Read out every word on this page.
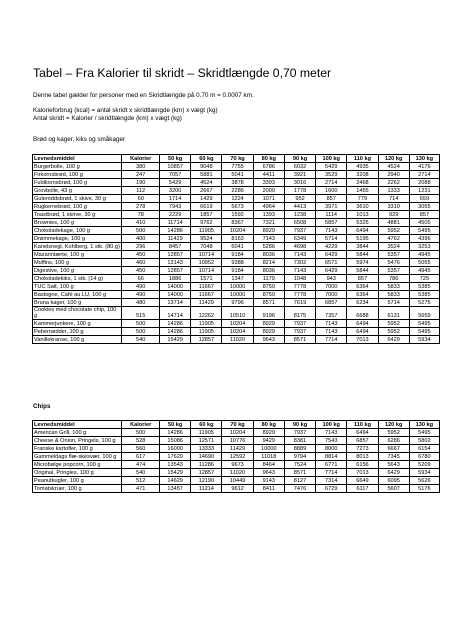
Tabel – Fra Kalorier til skridt – Skridtlængde 0,70 meter
Denne tabel gælder for personer med en Skridtlængde på 0.70 m = 0.0007 km.
Kalorieforbrug (kcal) = antal skridt x skridtlængde (km) x vægt (kg)
Antal skridt = Kalorier / skridtlængde (km) x vægt (kg)
Brød og kager, kiks og småkager
Levnedsmiddel	Kalorier	50 kg	60 kg	70 kg	80 kg	90 kg	100 kg	110 kg	120 kg	130 kg
Burgerbolle, 100 g	380	10857	9048	7755	6786	6032	5429	4935	4524	4176
Firkornsbrød, 100 g	247	7057	5881	5041	4411	3921	3529	3208	2940	2714
Fuldkornsbrød, 100 g	190	5429	4524	3878	3393	3016	2714	2468	2262	2088
Grovbolle, 43 g	112	3200	2667	2286	2000	1778	1600	1455	1333	1231
Guleroddsbrød, 1 skive, 30 g	60	1714	1429	1224	1071	952	857	779	714	659
Rugkernebrød, 100 g	278	7943	6619	5673	4964	4413	3971	3610	3310	3055
Toastbrød, 1 skrive, 30 g	78	2229	1857	1592	1393	1238	1114	1013	929	857
Brownies, 100 g	410	11714	9762	8367	7321	6508	5857	5325	4881	4505
Chokoladekage, 100 g	500	14286	11905	10204	8929	7937	7143	6494	5952	5495
Drømmekage, 100 g	400	11429	9524	8163	7143	6349	5714	5195	4762	4396
Kanelsnegl, Kohlberg, 1 stk. (80 g)	296	8457	7048	6041	5286	4698	4229	3844	3524	3253
Mazarintærte, 100 g	450	12857	10714	9184	8036	7143	6429	5844	5357	4945
Muffins, 100 g	460	13143	10952	9388	8214	7302	6571	5974	5476	5055
Digestive, 100 g	450	12857	10714	9184	8036	7143	6429	5844	5357	4945
Chokoladekiks, 1 stk. (14 g)	66	1886	1571	1347	1179	1048	943	857	786	725
TUC Salt, 100 g	490	14000	11667	10000	8750	7778	7000	6364	5833	5385
Bastogne, Café au LU, 100 g	490	14000	11667	10000	8750	7778	7000	6364	5833	5385
Bruna kager, 100 g	480	13714	11429	9796	8571	7619	6857	6234	5714	5275
Cookies med chocolate chip, 100 g	515	14714	12262	10510	9196	8175	7357	6688	6131	5659
Kammerjunkere, 100 g	500	14286	11905	10204	8929	7937	7143	6494	5952	5495
Pebernødder, 100 g	500	14286	11905	10204	8929	7937	7143	6494	5952	5495
Vanillekranse, 100 g	540	15429	12857	11020	9643	8571	7714	7013	6429	5934
Chips
Levnedsmiddel	Kalorier	50 kg	60 kg	70 kg	80 kg	90 kg	100 kg	110 kg	120 kg	130 kg
American Grill, 100 g	500	14286	11905	10204	8929	7937	7143	6494	5952	5495
Cheese & Onion, Pringels, 100 g	528	15086	12571	10776	9429	8381	7543	6857	6286	5802
Franske kartofler, 100 g	560	16000	13333	11429	10000	8889	8000	7273	6667	6154
Gammeldags flæ-skesvær, 100 g	617	17629	14690	12592	11018	9794	8814	8013	7345	6780
Microbølge popcorn, 100 g	474	13543	11286	9673	8464	7524	6771	6156	5643	5209
Original, Pringles, 100 g	540	15429	12857	11020	9643	8571	7714	7013	6429	5934
Peanutkugler, 100 g	512	14629	12190	10449	9143	8127	7314	6649	6095	5626
Tomatskruer, 100 g	471	13457	11214	9612	8411	7476	6729	6117	5607	5176
